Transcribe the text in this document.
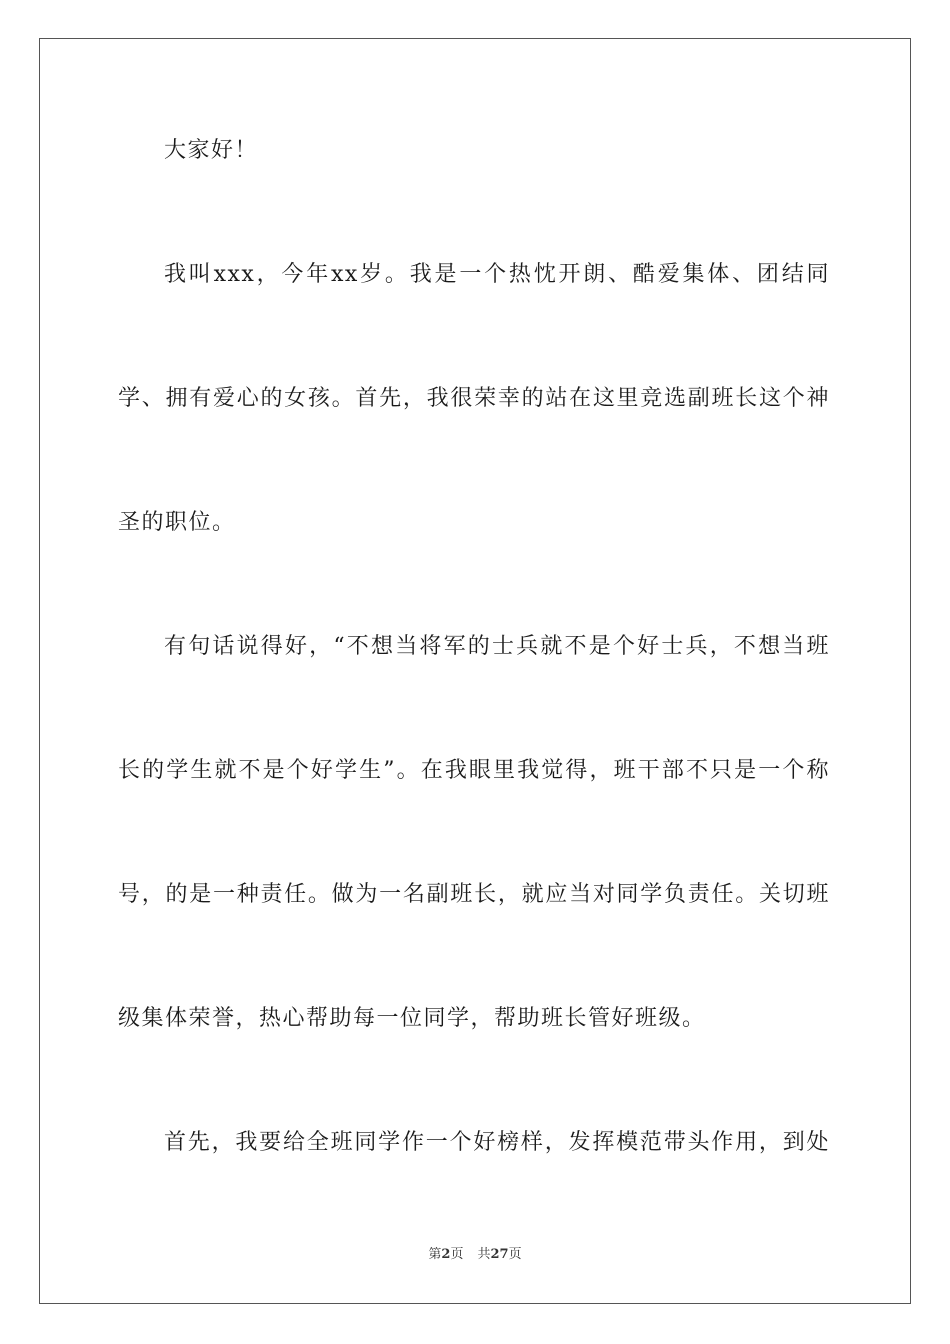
大家好！
我叫xxx，今年xx岁。我是一个热忱开朗、酷爱集体、团结同
学、拥有爱心的女孩。首先，我很荣幸的站在这里竞选副班长这个神
圣的职位。
有句话说得好，“不想当将军的士兵就不是个好士兵，不想当班
长的学生就不是个好学生”。在我眼里我觉得，班干部不只是一个称
号，的是一种责任。做为一名副班长，就应当对同学负责任。关切班
级集体荣誉，热心帮助每一位同学，帮助班长管好班级。
首先，我要给全班同学作一个好榜样，发挥模范带头作用，到处
第2页 共27页
